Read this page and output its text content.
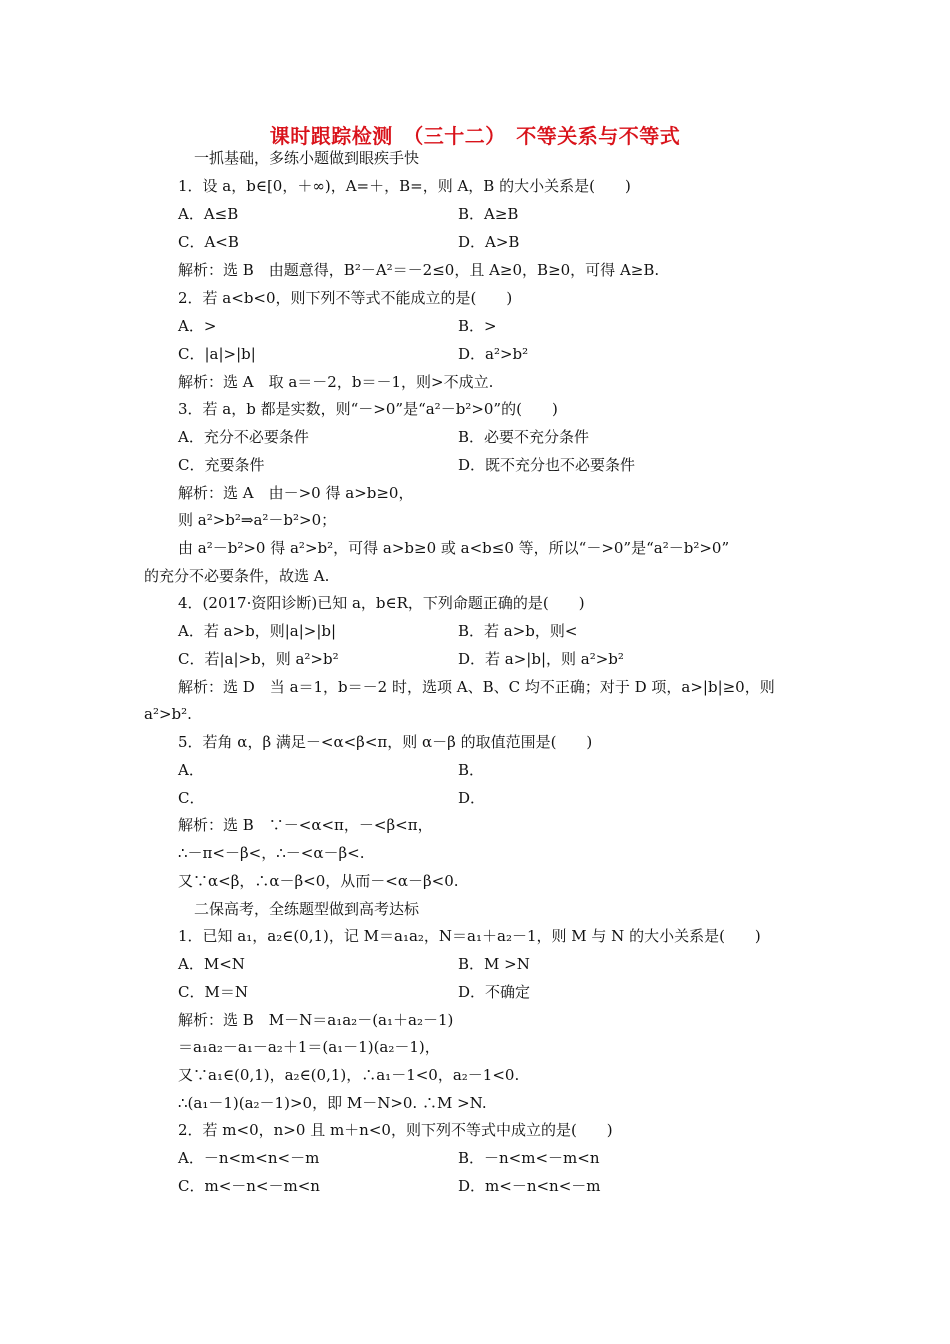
课时跟踪检测　（三十二）　不等关系与不等式
一抓基础，多练小题做到眼疾手快
1．设 a，b∈[0，＋∞)，A=＋，B=，则 A，B 的大小关系是(　　)
A．A≤B	B．A≥B
C．A<B	D．A>B
解析：选 B　由题意得，B²－A²＝－2≤0，且 A≥0，B≥0，可得 A≥B.
2．若 a<b<0，则下列不等式不能成立的是(　　)
A．>	B．>
C．|a|>|b|	D．a²>b²
解析：选 A　取 a＝－2，b＝－1，则>不成立.
3．若 a，b 都是实数，则“－>0”是“a²－b²>0”的(　　)
A．充分不必要条件	B．必要不充分条件
C．充要条件	D．既不充分也不必要条件
解析：选 A　由－>0 得 a>b≥0，
则 a²>b²⇒a²－b²>0；
由 a²－b²>0 得 a²>b²，可得 a>b≥0 或 a<b≤0 等，所以“－>0”是“a²－b²>0”
的充分不必要条件，故选 A.
4．(2017·资阳诊断)已知 a，b∈R，下列命题正确的是(　　)
A．若 a>b，则|a|>|b|	B．若 a>b，则<
C．若|a|>b，则 a²>b²	D．若 a>|b|，则 a²>b²
解析：选 D　当 a＝1，b＝－2 时，选项 A、B、C 均不正确；对于 D 项，a>|b|≥0，则
a²>b².
5．若角 α，β 满足－<α<β<π，则 α－β 的取值范围是(　　)
A．	B．
C．	D．
解析：选 B　∵－<α<π，－<β<π，
∴－π<－β<，∴－<α－β<.
又∵α<β，∴α－β<0，从而－<α－β<0.
二保高考，全练题型做到高考达标
1．已知 a₁，a₂∈(0,1)，记 M＝a₁a₂，N＝a₁＋a₂－1，则 M 与 N 的大小关系是(　　)
A．M<N	B．M >N
C．M＝N	D．不确定
解析：选 B　M－N＝a₁a₂－(a₁＋a₂－1)
＝a₁a₂－a₁－a₂＋1＝(a₁－1)(a₂－1)，
又∵a₁∈(0,1)，a₂∈(0,1)，∴a₁－1<0，a₂－1<0.
∴(a₁－1)(a₂－1)>0，即 M－N>0. ∴M >N.
2．若 m<0，n>0 且 m＋n<0，则下列不等式中成立的是(　　)
A．－n<m<n<－m	B．－n<m<－m<n
C．m<－n<－m<n	D．m<－n<n<－m
